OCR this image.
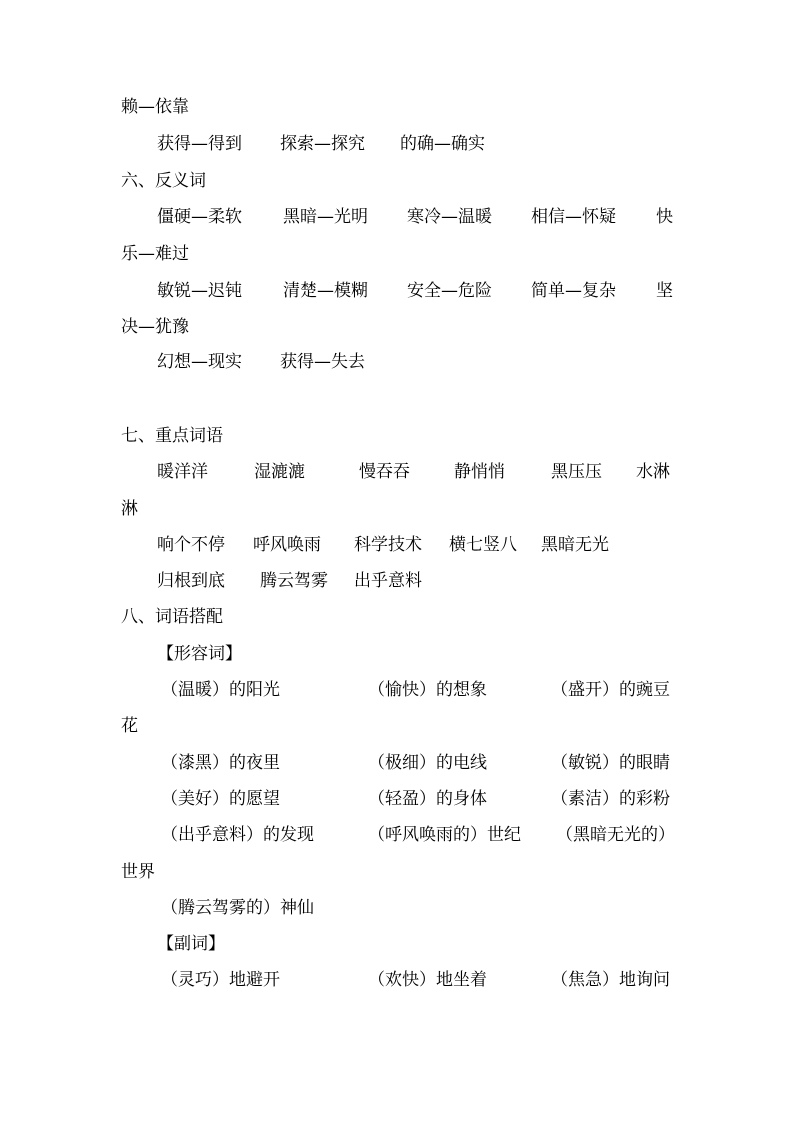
赖—依靠
获得—得到 探索—探究 的确—确实
六、反义词
僵硬—柔软 黑暗—光明 寒冷—温暖 相信—怀疑 快
乐—难过
敏锐—迟钝 清楚—模糊 安全—危险 简单—复杂 坚
决—犹豫
幻想—现实 获得—失去
七、重点词语
暖洋洋	湿漉漉	慢吞吞	静悄悄	黑压压 水淋
淋
响个不停 呼风唤雨 科学技术 横七竖八 黑暗无光
归根到底 腾云驾雾 出乎意料
八、词语搭配
【形容词】
（温暖）的阳光	（愉快）的想象	（盛开）的豌豆
花
（漆黑）的夜里	（极细）的电线	（敏锐）的眼睛
（美好）的愿望	（轻盈）的身体	（素洁）的彩粉
（出乎意料）的发现	（呼风唤雨的）世纪 （黑暗无光的）
世界
（腾云驾雾的）神仙
【副词】
（灵巧）地避开	（欢快）地坐着	（焦急）地询问
